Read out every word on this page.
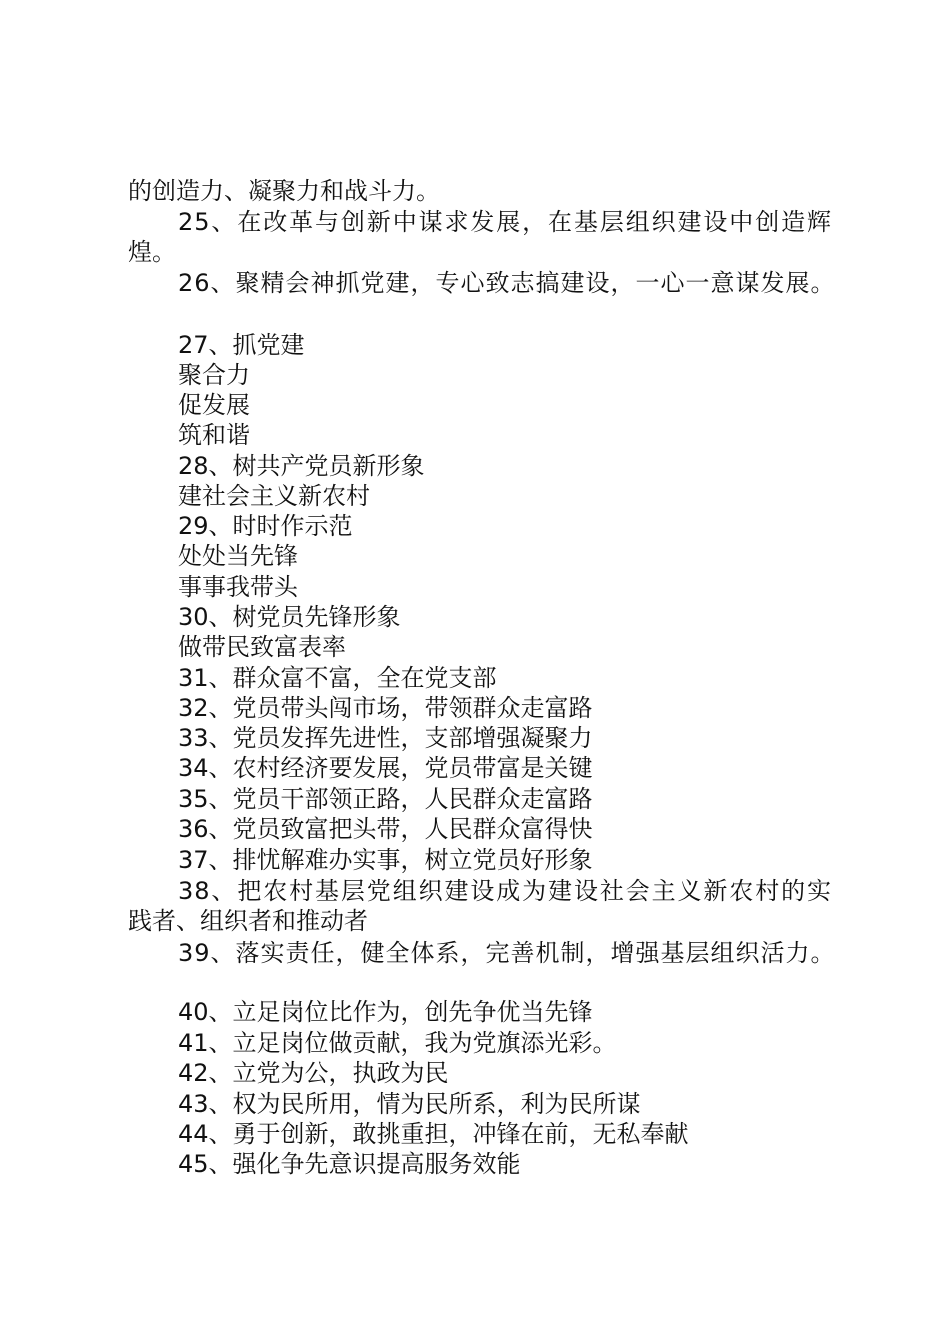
的创造力、凝聚力和战斗力。
25、在改革与创新中谋求发展，在基层组织建设中创造辉
煌。
26、聚精会神抓党建，专心致志搞建设，一心一意谋发展。
27、抓党建
聚合力
促发展
筑和谐
28、树共产党员新形象
建社会主义新农村
29、时时作示范
处处当先锋
事事我带头
30、树党员先锋形象
做带民致富表率
31、群众富不富，全在党支部
32、党员带头闯市场，带领群众走富路
33、党员发挥先进性，支部增强凝聚力
34、农村经济要发展，党员带富是关键
35、党员干部领正路，人民群众走富路
36、党员致富把头带，人民群众富得快
37、排忧解难办实事，树立党员好形象
38、把农村基层党组织建设成为建设社会主义新农村的实
践者、组织者和推动者
39、落实责任，健全体系，完善机制，增强基层组织活力。
40、立足岗位比作为，创先争优当先锋
41、立足岗位做贡献，我为党旗添光彩。
42、立党为公，执政为民
43、权为民所用，情为民所系，利为民所谋
44、勇于创新，敢挑重担，冲锋在前，无私奉献
45、强化争先意识提高服务效能
